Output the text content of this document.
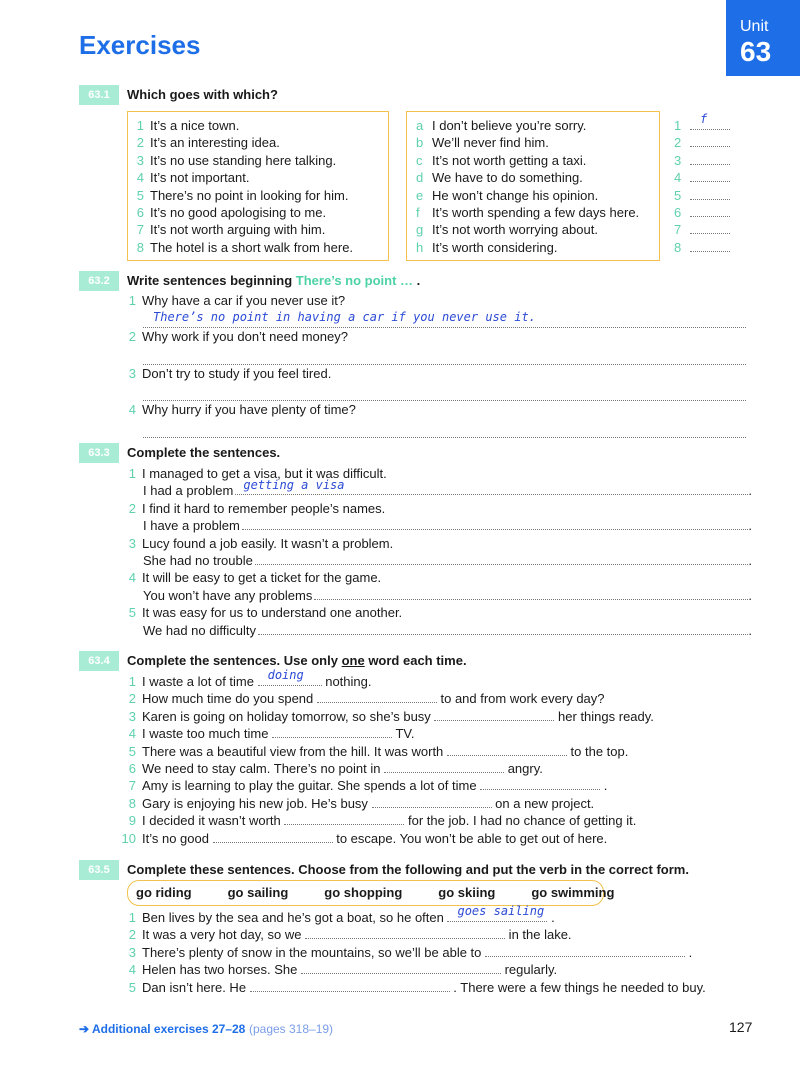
Exercises
Unit
63
63.1	Which goes with which?
1 It’s a nice town.
2 It’s an interesting idea.
3 It’s no use standing here talking.
4 It’s not important.
5 There’s no point in looking for him.
6 It’s no good apologising to me.
7 It’s not worth arguing with him.
8 The hotel is a short walk from here.
a I don’t believe you’re sorry.
b We’ll never find him.
c It’s not worth getting a taxi.
d We have to do something.
e He won’t change his opinion.
f It’s worth spending a few days here.
g It’s not worth worrying about.
h It’s worth considering.
1 f
2
3
4
5
6
7
8
63.2	Write sentences beginning There’s no point … .
1 Why have a car if you never use it?
There’s no point in having a car if you never use it.
2 Why work if you don’t need money?
3 Don’t try to study if you feel tired.
4 Why hurry if you have plenty of time?
63.3	Complete the sentences.
1 I managed to get a visa, but it was difficult.
I had a problem getting a visa	.
2 I find it hard to remember people’s names.
I have a problem	.
3 Lucy found a job easily. It wasn’t a problem.
She had no trouble	.
4 It will be easy to get a ticket for the game.
You won’t have any problems	.
5 It was easy for us to understand one another.
We had no difficulty	.
63.4	Complete the sentences. Use only one word each time.
1 I waste a lot of time doing nothing.
2 How much time do you spend	to and from work every day?
3 Karen is going on holiday tomorrow, so she’s busy	her things ready.
4 I waste too much time	TV.
5 There was a beautiful view from the hill. It was worth	to the top.
6 We need to stay calm. There’s no point in	angry.
7 Amy is learning to play the guitar. She spends a lot of time	.
8 Gary is enjoying his new job. He’s busy	on a new project.
9 I decided it wasn’t worth	for the job. I had no chance of getting it.
10 It’s no good	to escape. You won’t be able to get out of here.
63.5	Complete these sentences. Choose from the following and put the verb in the correct form.
go riding	go sailing	go shopping	go skiing	go swimming
1 Ben lives by the sea and he’s got a boat, so he often goes sailing .
2 It was a very hot day, so we	in the lake.
3 There’s plenty of snow in the mountains, so we’ll be able to	.
4 Helen has two horses. She	regularly.
5 Dan isn’t here. He	. There were a few things he needed to buy.
➔ Additional exercises 27–28 (pages 318–19)	127
